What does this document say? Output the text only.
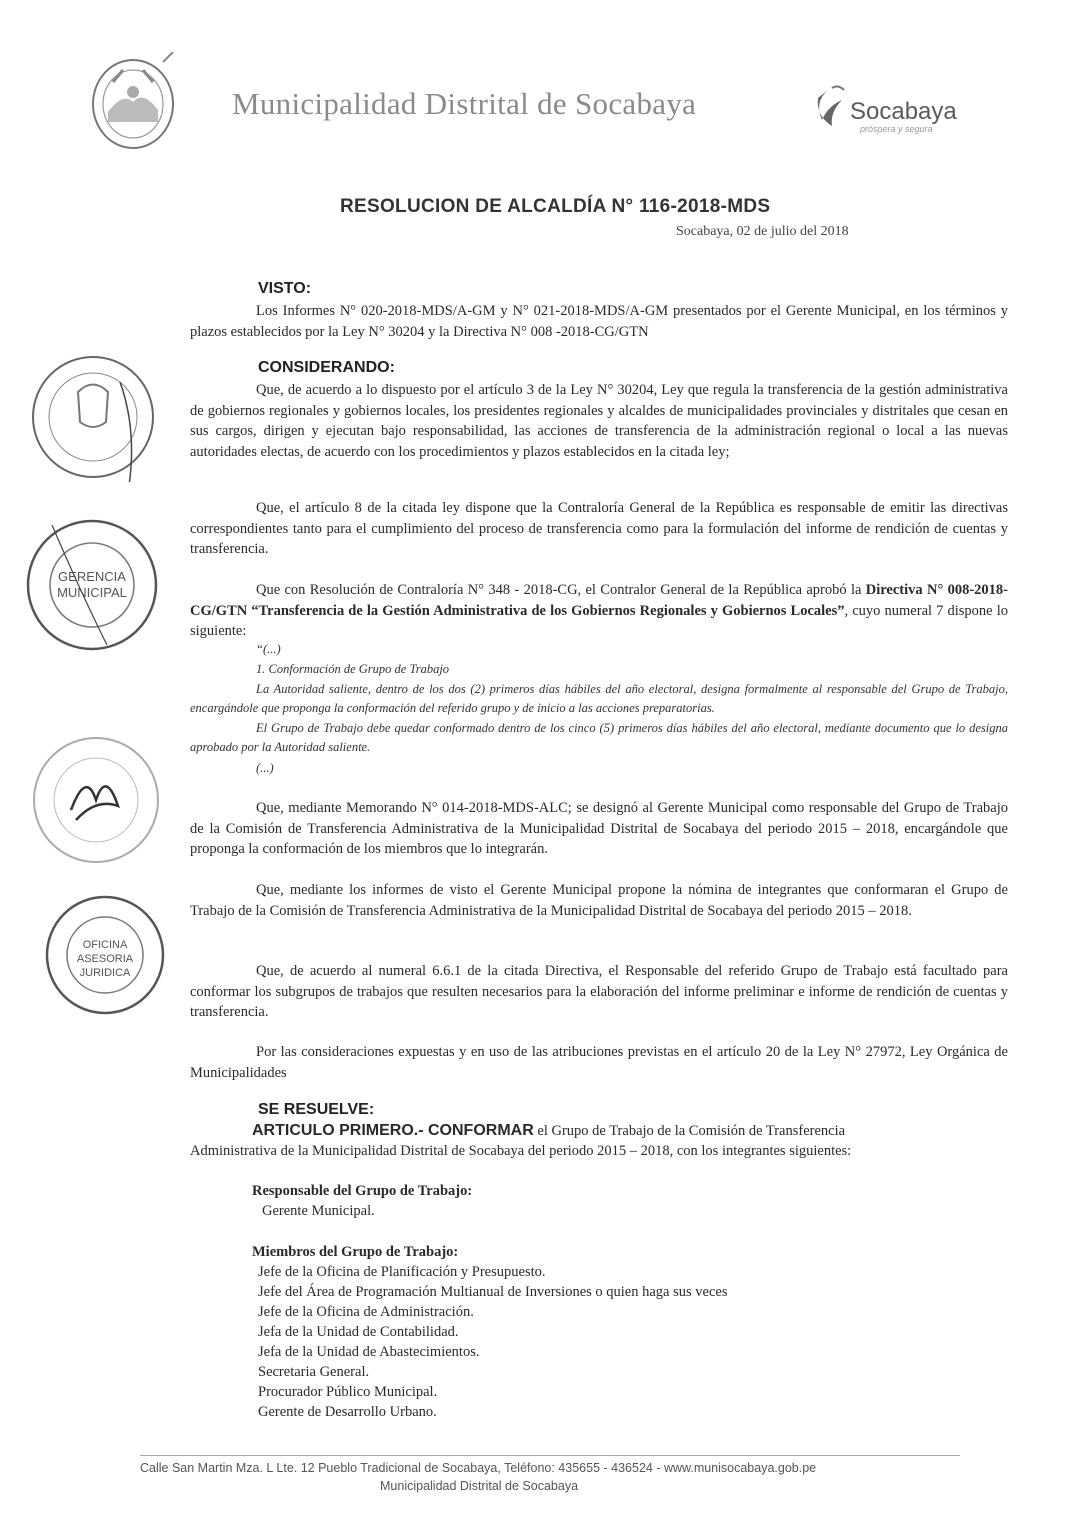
Municipalidad Distrital de Socabaya	Socabaya
próspera y segura
RESOLUCION DE ALCALDÍA N° 116-2018-MDS
Socabaya, 02 de julio del 2018
VISTO:
Los Informes N° 020-2018-MDS/A-GM y N° 021-2018-MDS/A-GM presentados por el Gerente Municipal, en los términos y plazos establecidos por la Ley N° 30204 y la Directiva N° 008 -2018-CG/GTN
CONSIDERANDO:
Que, de acuerdo a lo dispuesto por el artículo 3 de la Ley N° 30204, Ley que regula la transferencia de la gestión administrativa de gobiernos regionales y gobiernos locales, los presidentes regionales y alcaldes de municipalidades provinciales y distritales que cesan en sus cargos, dirigen y ejecutan bajo responsabilidad, las acciones de transferencia de la administración regional o local a las nuevas autoridades electas, de acuerdo con los procedimientos y plazos establecidos en la citada ley;
Que, el artículo 8 de la citada ley dispone que la Contraloría General de la República es responsable de emitir las directivas correspondientes tanto para el cumplimiento del proceso de transferencia como para la formulación del informe de rendición de cuentas y transferencia.
Que con Resolución de Contraloría N° 348 - 2018-CG, el Contralor General de la República aprobó la Directiva N° 008-2018-CG/GTN “Transferencia de la Gestión Administrativa de los Gobiernos Regionales y Gobiernos Locales”, cuyo numeral 7 dispone lo siguiente:
“(...)
1. Conformación de Grupo de Trabajo
La Autoridad saliente, dentro de los dos (2) primeros días hábiles del año electoral, designa formalmente al responsable del Grupo de Trabajo, encargándole que proponga la conformación del referido grupo y de inicio a las acciones preparatorias.
El Grupo de Trabajo debe quedar conformado dentro de los cinco (5) primeros días hábiles del año electoral, mediante documento que lo designa aprobado por la Autoridad saliente.
(...)
Que, mediante Memorando N° 014-2018-MDS-ALC; se designó al Gerente Municipal como responsable del Grupo de Trabajo de la Comisión de Transferencia Administrativa de la Municipalidad Distrital de Socabaya del periodo 2015 – 2018, encargándole que proponga la conformación de los miembros que lo integrarán.
Que, mediante los informes de visto el Gerente Municipal propone la nómina de integrantes que conformaran el Grupo de Trabajo de la Comisión de Transferencia Administrativa de la Municipalidad Distrital de Socabaya del periodo 2015 – 2018.
Que, de acuerdo al numeral 6.6.1 de la citada Directiva, el Responsable del referido Grupo de Trabajo está facultado para conformar los subgrupos de trabajos que resulten necesarios para la elaboración del informe preliminar e informe de rendición de cuentas y transferencia.
Por las consideraciones expuestas y en uso de las atribuciones previstas en el artículo 20 de la Ley N° 27972, Ley Orgánica de Municipalidades
SE RESUELVE:
ARTICULO PRIMERO.- CONFORMAR el Grupo de Trabajo de la Comisión de Transferencia
Administrativa de la Municipalidad Distrital de Socabaya del periodo 2015 – 2018, con los integrantes siguientes:
Responsable del Grupo de Trabajo:
Gerente Municipal.
Miembros del Grupo de Trabajo:
Jefe de la Oficina de Planificación y Presupuesto.
Jefe del Área de Programación Multianual de Inversiones o quien haga sus veces
Jefe de la Oficina de Administración.
Jefa de la Unidad de Contabilidad.
Jefa de la Unidad de Abastecimientos.
Secretaria General.
Procurador Público Municipal.
Gerente de Desarrollo Urbano.
GERENCIA
MUNICIPAL
OFICINA
ASESORIA
JURIDICA
Calle San Martin Mza. L Lte. 12 Pueblo Tradicional de Socabaya, Teléfono: 435655 - 436524 - www.munisocabaya.gob.pe
Municipalidad Distrital de Socabaya
